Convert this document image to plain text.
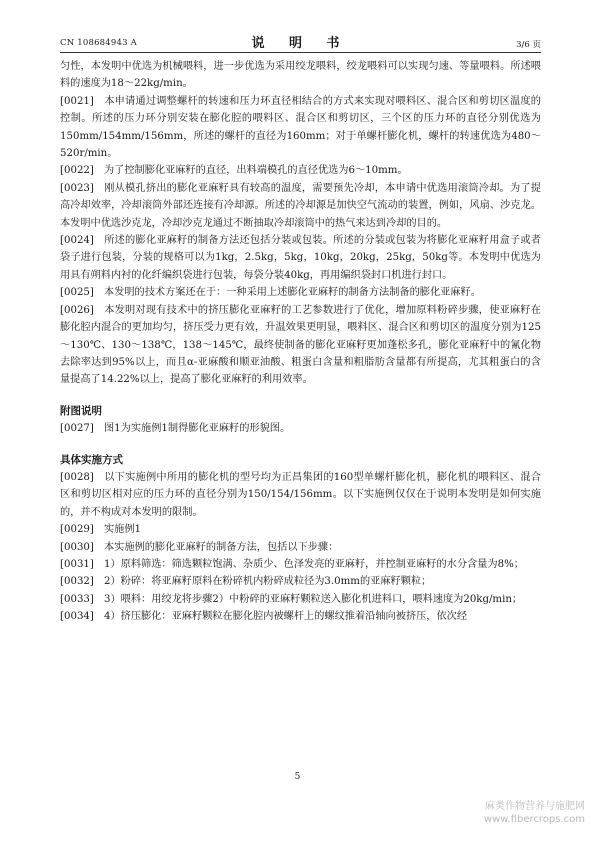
CN 108684943 A	说 明 书	3/6 页

匀性，本发明中优选为机械喂料，进一步优选为采用绞龙喂料，绞龙喂料可以实现匀速、等量喂料。所述喂料的速度为18～22kg/min。

[0021] 本申请通过调整螺杆的转速和压力环直径相结合的方式来实现对喂料区、混合区和剪切区温度的控制。所述的压力环分别安装在膨化腔的喂料区、混合区和剪切区，三个区的压力环的直径分别优选为150mm/154mm/156mm，所述的螺杆的直径为160mm；对于单螺杆膨化机，螺杆的转速优选为480～520r/min。

[0022] 为了控制膨化亚麻籽的直径，出料端模孔的直径优选为6～10mm。

[0023] 刚从模孔挤出的膨化亚麻籽具有较高的温度，需要预先冷却，本申请中优选用滚筒冷却。为了提高冷却效率，冷却滚筒外部还连接有冷却源。所述的冷却源是加快空气流动的装置，例如，风扇、沙克龙。本发明中优选沙克龙，冷却沙克龙通过不断抽取冷却滚筒中的热气来达到冷却的目的。

[0024] 所述的膨化亚麻籽的制备方法还包括分装或包装。所述的分装或包装为将膨化亚麻籽用盒子或者袋子进行包装，分装的规格可以为1kg，2.5kg，5kg，10kg，20kg，25kg，50kg等。本发明中优选为用具有朔料内衬的化纤编织袋进行包装，每袋分装40kg，再用编织袋封口机进行封口。

[0025] 本发明的技术方案还在于：一种采用上述膨化亚麻籽的制备方法制备的膨化亚麻籽。

[0026] 本发明对现有技术中的挤压膨化亚麻籽的工艺参数进行了优化，增加原料粉碎步骤，使亚麻籽在膨化腔内混合的更加均匀，挤压受力更有效，升温效果更明显，喂料区、混合区和剪切区的温度分别为125～130℃、130～138℃，138～145℃，最终使制备的膨化亚麻籽更加蓬松多孔，膨化亚麻籽中的氰化物去除率达到95%以上，而且α-亚麻酸和顺亚油酸、粗蛋白含量和粗脂肪含量都有所提高，尤其粗蛋白的含量提高了14.22%以上，提高了膨化亚麻籽的利用效率。

附图说明

[0027] 图1为实施例1制得膨化亚麻籽的形貌图。

具体实施方式

[0028] 以下实施例中所用的膨化机的型号均为正昌集团的160型单螺杆膨化机，膨化机的喂料区、混合区和剪切区相对应的压力环的直径分别为150/154/156mm。以下实施例仅仅在于说明本发明是如何实施的，并不构成对本发明的限制。

[0029] 实施例1

[0030] 本实施例的膨化亚麻籽的制备方法，包括以下步骤：

[0031] 1）原料筛选：筛选颗粒饱满、杂质少、色泽发亮的亚麻籽，并控制亚麻籽的水分含量为8%；

[0032] 2）粉碎：将亚麻籽原料在粉碎机内粉碎成粒径为3.0mm的亚麻籽颗粒；

[0033] 3）喂料：用绞龙将步骤2）中粉碎的亚麻籽颗粒送入膨化机进料口，喂料速度为20kg/min；

[0034] 4）挤压膨化：亚麻籽颗粒在膨化腔内被螺杆上的螺纹推着沿轴向被挤压，依次经

5
麻类作物营养与施肥网
www.fibercrops.com
